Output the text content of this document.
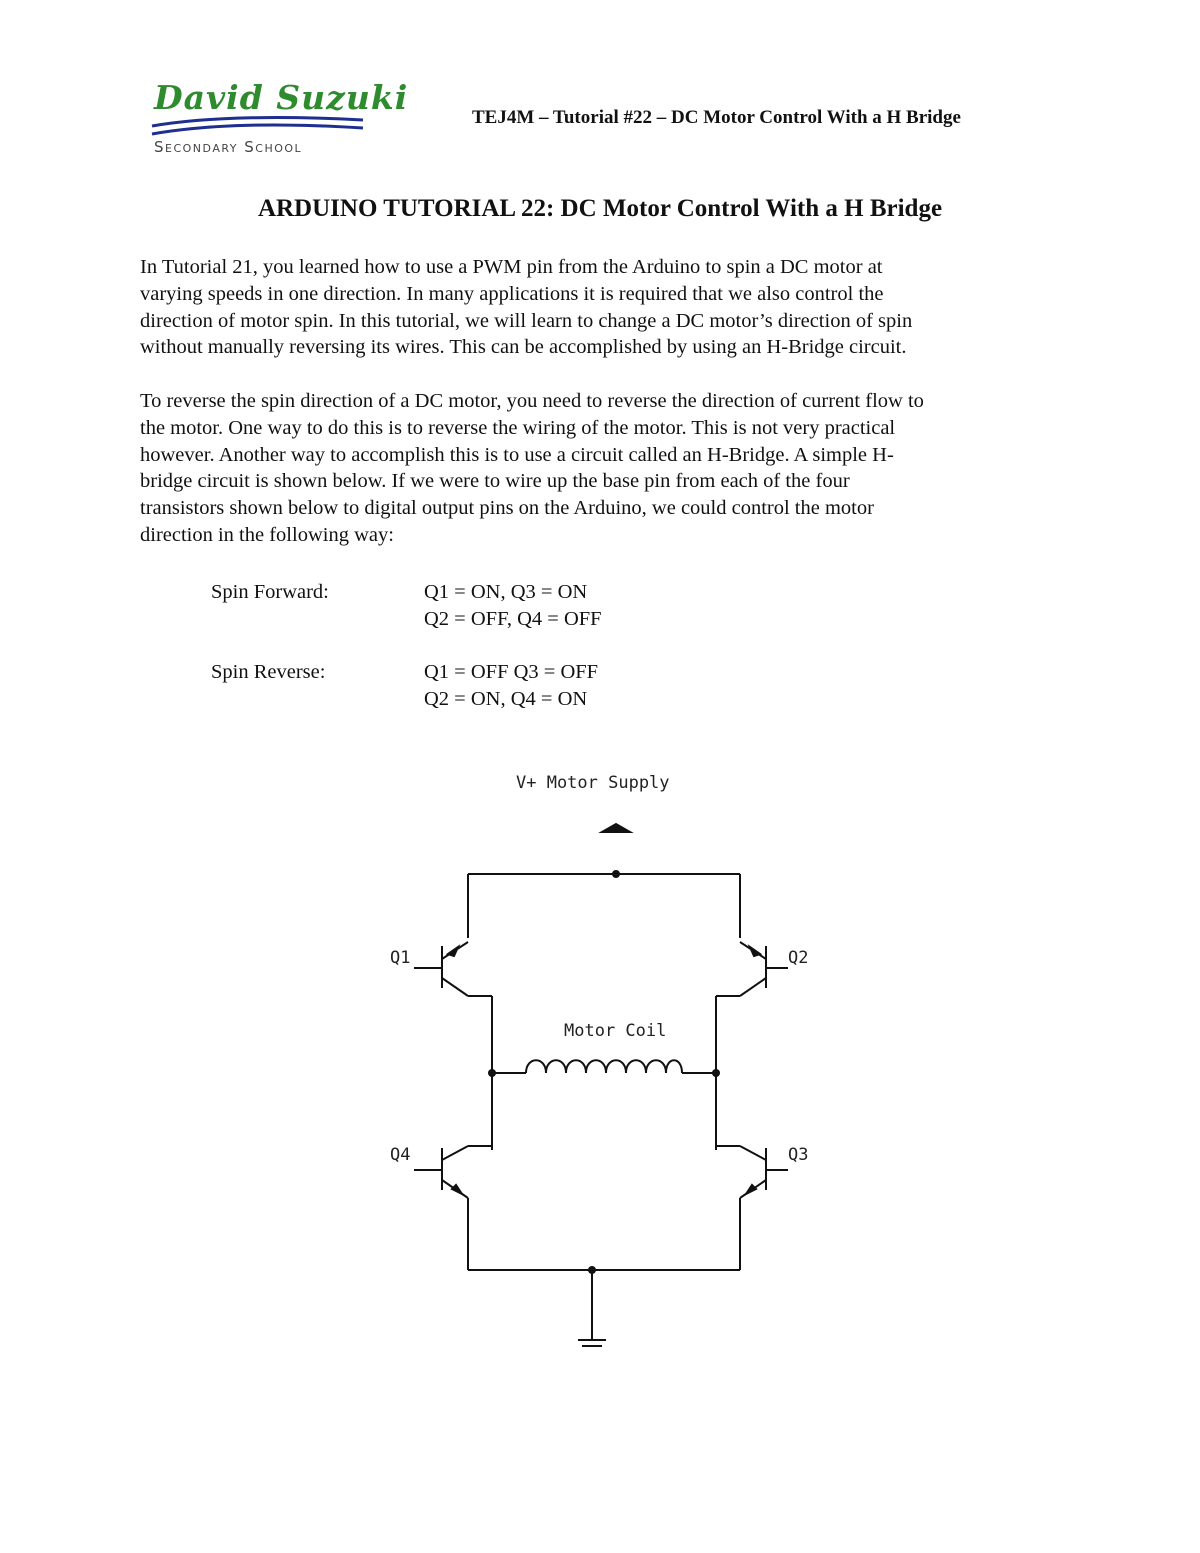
David Suzuki
Secondary School
TEJ4M – Tutorial #22 – DC Motor Control With a H Bridge
ARDUINO TUTORIAL 22: DC Motor Control With a H Bridge
In Tutorial 21, you learned how to use a PWM pin from the Arduino to spin a DC motor at
varying speeds in one direction. In many applications it is required that we also control the
direction of motor spin. In this tutorial, we will learn to change a DC motor’s direction of spin
without manually reversing its wires. This can be accomplished by using an H-Bridge circuit.
To reverse the spin direction of a DC motor, you need to reverse the direction of current flow to
the motor. One way to do this is to reverse the wiring of the motor. This is not very practical
however. Another way to accomplish this is to use a circuit called an H-Bridge. A simple H-
bridge circuit is shown below. If we were to wire up the base pin from each of the four
transistors shown below to digital output pins on the Arduino, we could control the motor
direction in the following way:
Spin Forward:	Q1 = ON, Q3 = ON
Q2 = OFF, Q4 = OFF
Spin Reverse:	Q1 = OFF Q3 = OFF
Q2 = ON, Q4 = ON
V+ Motor Supply
Motor Coil
Q1	Q2
Q4	Q3
